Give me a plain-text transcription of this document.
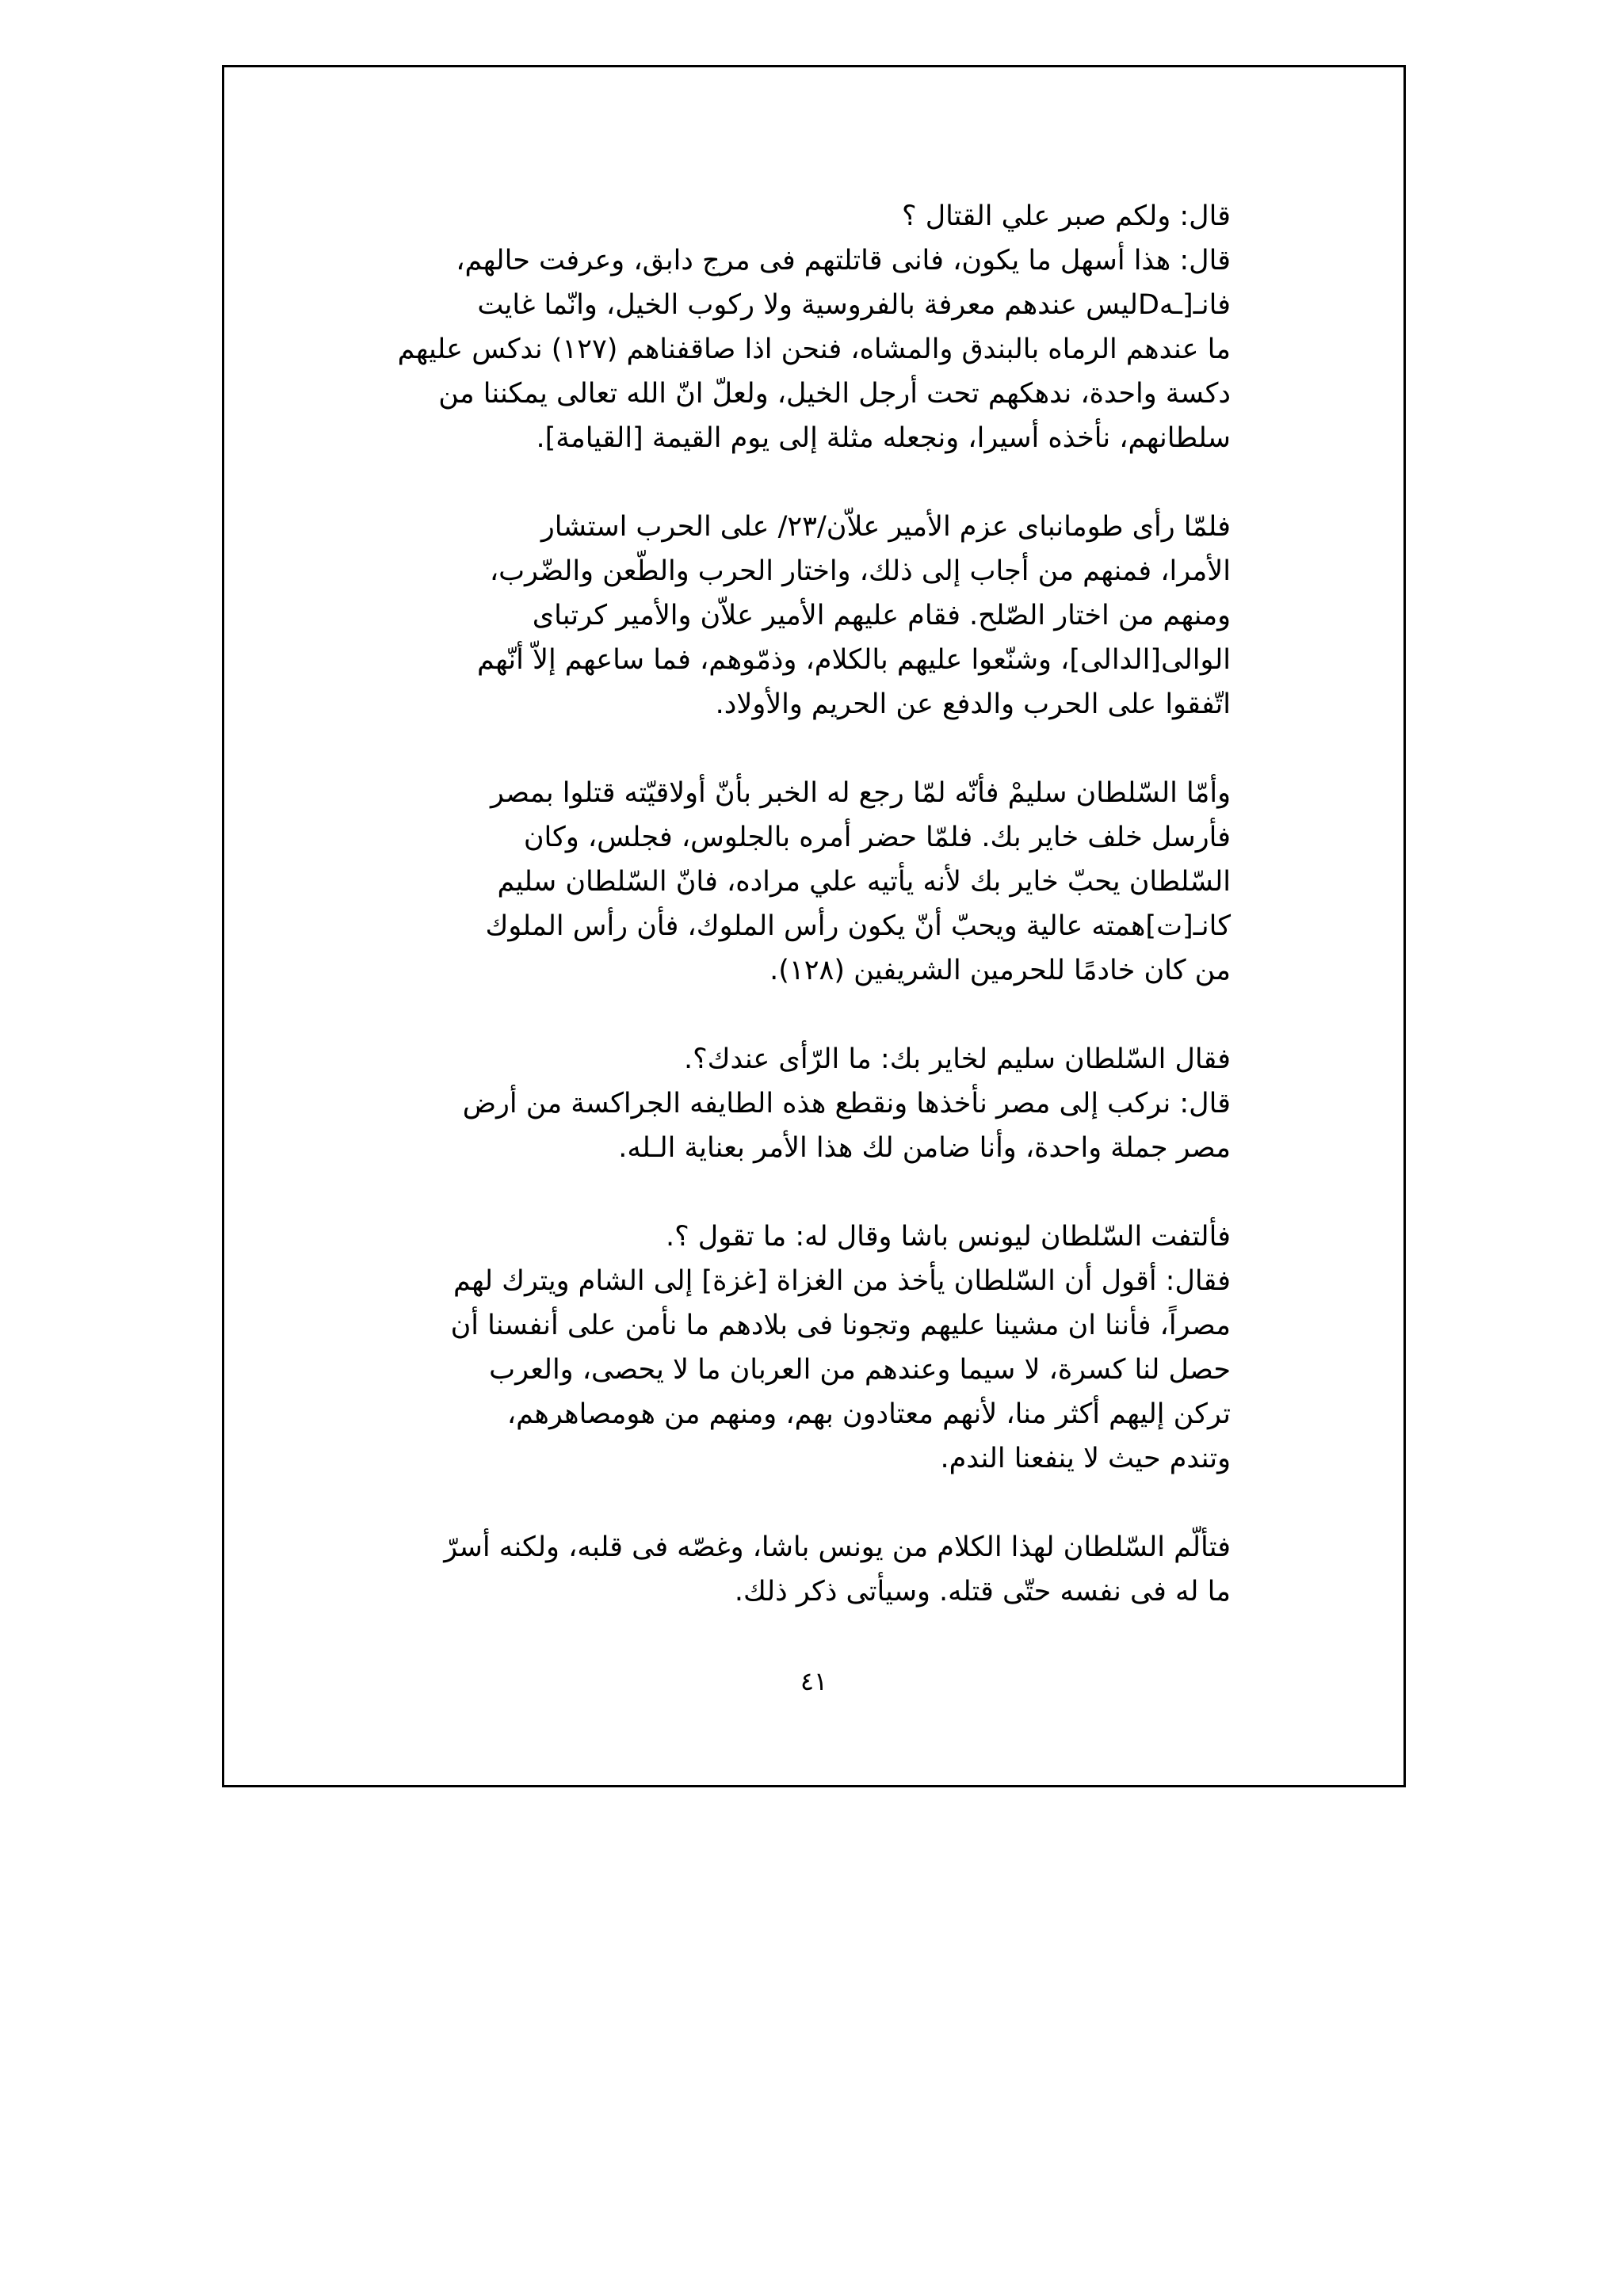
قال: ولكم صبر علي القتال ؟
قال: هذا أسهل ما يكون، فانى قاتلتهم فى مرج دابق، وعرفت حالهم،
فانـ[ـهDليس عندهم معرفة بالفروسية ولا ركوب الخيل، وانّما غايت
ما عندهم الرماه بالبندق والمشاه، فنحن اذا صاقفناهم (١٢٧) ندكس عليهم
دكسة واحدة، ندهكهم تحت أرجل الخيل، ولعلّ انّ الله تعالى يمكننا من
سلطانهم، نأخذه أسيرا، ونجعله مثلة إلى يوم القيمة [القيامة].

فلمّا رأى طومانباى عزم الأمير علاّن/٢٣/ على الحرب استشار
الأمرا، فمنهم من أجاب إلى ذلك، واختار الحرب والطّعن والضّرب،
ومنهم من اختار الصّلح. فقام عليهم الأمير علاّن والأمير كرتباى
الوالى[الدالى]، وشنّعوا عليهم بالكلام، وذمّوهم، فما ساعهم إلاّ أنّهم
اتّفقوا على الحرب والدفع عن الحريم والأولاد.

وأمّا السّلطان سليمْ فأنّه لمّا رجع له الخبر بأنّ أولاقيّته قتلوا بمصر
فأرسل خلف خاير بك. فلمّا حضر أمره بالجلوس، فجلس، وكان
السّلطان يحبّ خاير بك لأنه يأتيه علي مراده، فانّ السّلطان سليم
كانـ[ت]همته عالية ويحبّ أنّ يكون رأس الملوك، فأن رأس الملوك
من كان خادمًا للحرمين الشريفين (١٢٨).

فقال السّلطان سليم لخاير بك: ما الرّأى عندك؟.
قال: نركب إلى مصر نأخذها ونقطع هذه الطايفه الجراكسة من أرض
مصر جملة واحدة، وأنا ضامن لك هذا الأمر بعناية الـله.

فألتفت السّلطان ليونس باشا وقال له: ما تقول ؟.
فقال: أقول أن السّلطان يأخذ من الغزاة [غزة] إلى الشام ويترك لهم
مصراً، فأننا ان مشينا عليهم وتجونا فى بلادهم ما نأمن على أنفسنا أن
حصل لنا كسرة، لا سيما وعندهم من العربان ما لا يحصى، والعرب
تركن إليهم أكثر منا، لأنهم معتادون بهم، ومنهم من هومصاهرهم،
وتندم حيث لا ينفعنا الندم.

فتألّم السّلطان لهذا الكلام من يونس باشا، وغصّه فى قلبه، ولكنه أسرّ
ما له فى نفسه حتّى قتله. وسيأتى ذكر ذلك.

٤١
